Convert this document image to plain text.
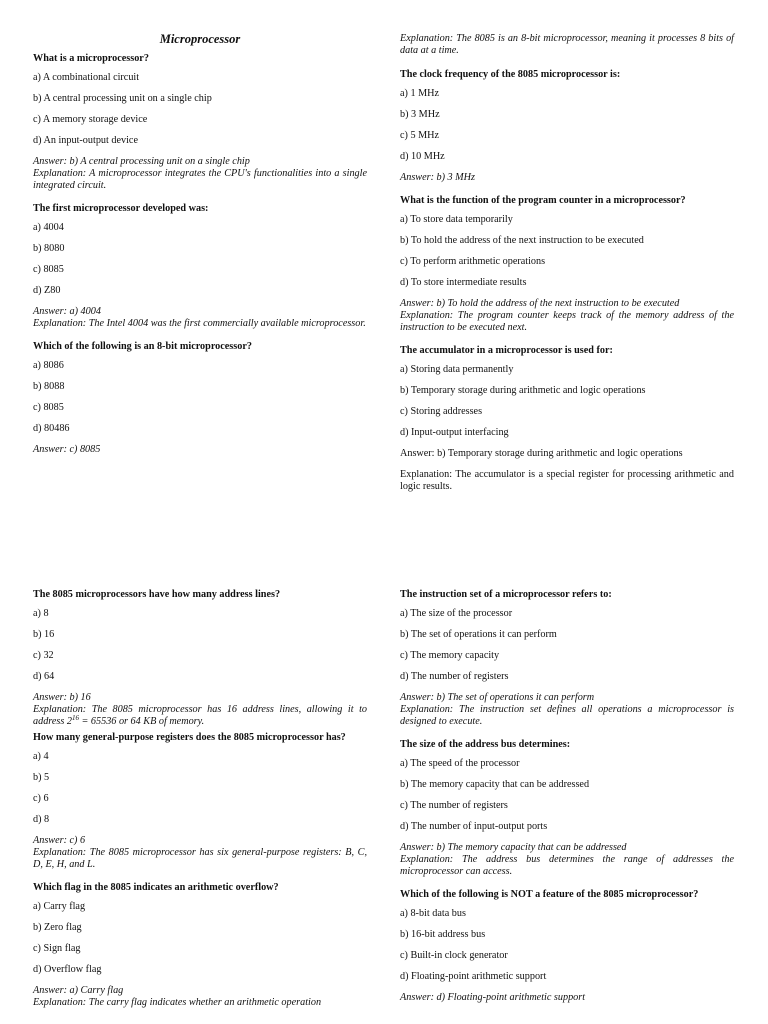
Microprocessor
What is a microprocessor?
a) A combinational circuit
b) A central processing unit on a single chip
c) A memory storage device
d) An input-output device
Answer: b) A central processing unit on a single chip
Explanation: A microprocessor integrates the CPU's functionalities into a single integrated circuit.
The first microprocessor developed was:
a) 4004
b) 8080
c) 8085
d) Z80
Answer: a) 4004
Explanation: The Intel 4004 was the first commercially available microprocessor.
Which of the following is an 8-bit microprocessor?
a) 8086
b) 8088
c) 8085
d) 80486
Answer: c) 8085
Explanation: The 8085 is an 8-bit microprocessor, meaning it processes 8 bits of data at a time.
The clock frequency of the 8085 microprocessor is:
a) 1 MHz
b) 3 MHz
c) 5 MHz
d) 10 MHz
Answer: b) 3 MHz
What is the function of the program counter in a microprocessor?
a) To store data temporarily
b) To hold the address of the next instruction to be executed
c) To perform arithmetic operations
d) To store intermediate results
Answer: b) To hold the address of the next instruction to be executed
Explanation: The program counter keeps track of the memory address of the instruction to be executed next.
The accumulator in a microprocessor is used for:
a) Storing data permanently
b) Temporary storage during arithmetic and logic operations
c) Storing addresses
d) Input-output interfacing
Answer: b) Temporary storage during arithmetic and logic operations
Explanation: The accumulator is a special register for processing arithmetic and logic results.
The 8085 microprocessors have how many address lines?
a) 8
b) 16
c) 32
d) 64
Answer: b) 16
Explanation: The 8085 microprocessor has 16 address lines, allowing it to address $2^{16} = 65536$ or 64 KB of memory.
How many general-purpose registers does the 8085 microprocessor has?
a) 4
b) 5
c) 6
d) 8
Answer: c) 6
Explanation: The 8085 microprocessor has six general-purpose registers: B, C, D, E, H, and L.
Which flag in the 8085 indicates an arithmetic overflow?
a) Carry flag
b) Zero flag
c) Sign flag
d) Overflow flag
Answer: a) Carry flag
Explanation: The carry flag indicates whether an arithmetic operation
The instruction set of a microprocessor refers to:
a) The size of the processor
b) The set of operations it can perform
c) The memory capacity
d) The number of registers
Answer: b) The set of operations it can perform
Explanation: The instruction set defines all operations a microprocessor is designed to execute.
The size of the address bus determines:
a) The speed of the processor
b) The memory capacity that can be addressed
c) The number of registers
d) The number of input-output ports
Answer: b) The memory capacity that can be addressed
Explanation: The address bus determines the range of addresses the microprocessor can access.
Which of the following is NOT a feature of the 8085 microprocessor?
a) 8-bit data bus
b) 16-bit address bus
c) Built-in clock generator
d) Floating-point arithmetic support
Answer: d) Floating-point arithmetic support
